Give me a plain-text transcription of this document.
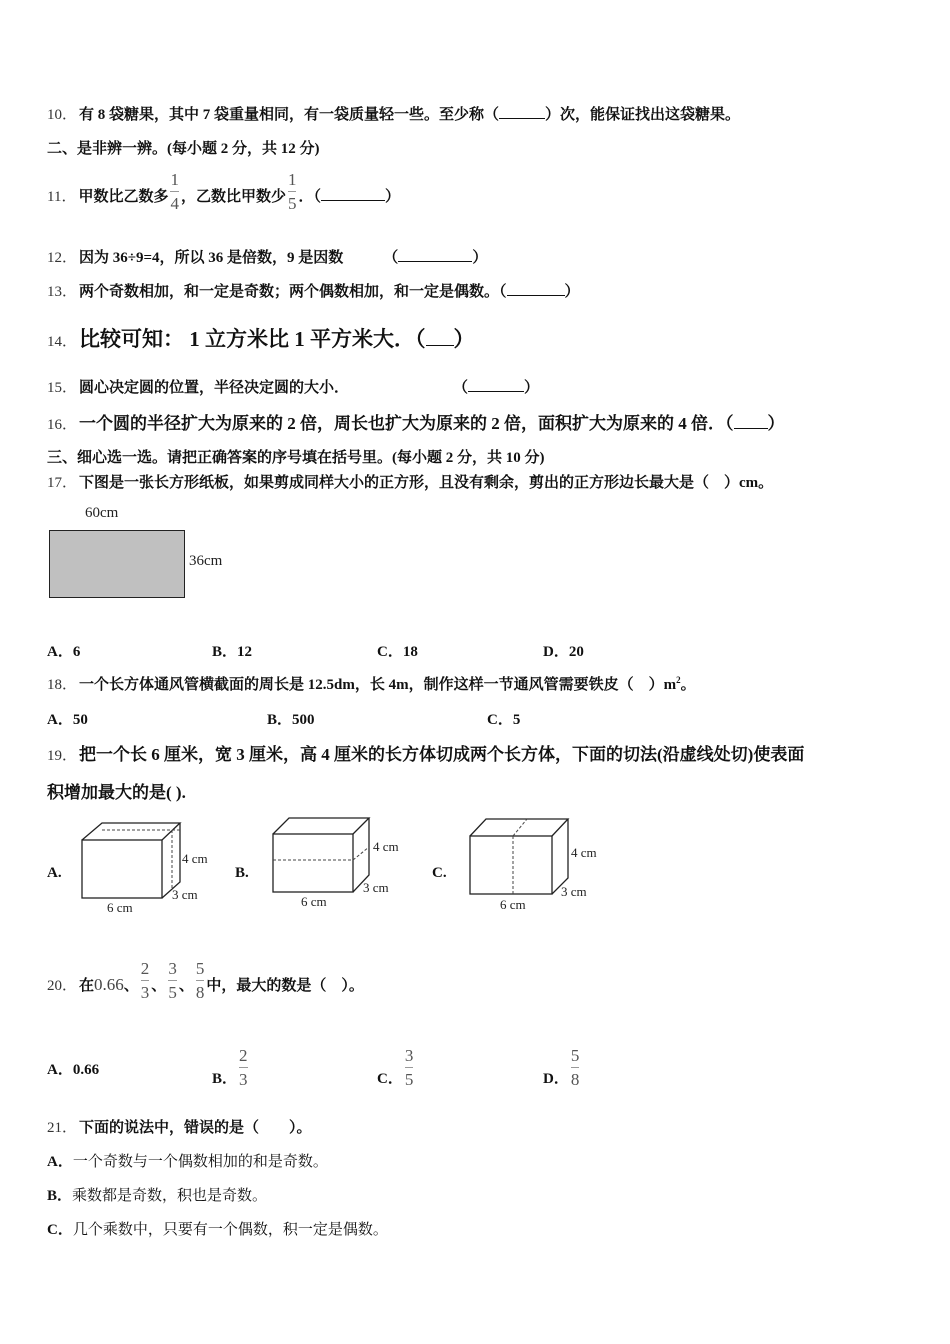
10． 有 8 袋糖果，其中 7 袋重量相同，有一袋质量轻一些。至少称（	）次，能保证找出这袋糖果。
二、是非辨一辨。(每小题 2 分，共 12 分)
11． 甲数比乙数多 $\frac{1}{4}$ ，乙数比甲数少 $\frac{1}{5}$ ．（	）
12． 因为 36÷9=4，所以 36 是倍数，9 是因数	（	）
13． 两个奇数相加，和一定是奇数；两个偶数相加，和一定是偶数。（	）
14．比较可知： 1 立方米比 1 平方米大．（ ）
15． 圆心决定圆的位置，半径决定圆的大小．	（	）
16． 一个圆的半径扩大为原来的 2 倍，周长也扩大为原来的 2 倍，面积扩大为原来的 4 倍．（ ）
三、细心选一选。请把正确答案的序号填在括号里。(每小题 2 分，共 10 分)
17． 下图是一张长方形纸板，如果剪成同样大小的正方形，且没有剩余，剪出的正方形边长最大是（　）cm。
60cm
36cm
A．6	B．12	C．18	D．20
18． 一个长方体通风管横截面的周长是 12.5dm，长 4m，制作这样一节通风管需要铁皮（　）$m^2$。
A．50	B．500	C．5
19． 把一个长 6 厘米，宽 3 厘米，高 4 厘米的长方体切成两个长方体，下面的切法(沿虚线处切)使表面
积增加最大的是( ).
A.
4 cm
3 cm
6 cm
B.
4 cm
3 cm
6 cm
C.
4 cm
3 cm
6 cm
20． 在0.66、 $\frac{2}{3}$ 、 $\frac{3}{5}$ 、 $\frac{5}{8}$ 中，最大的数是（　）。
A．0.66
B． $\frac{2}{3}$	C． $\frac{3}{5}$	D． $\frac{5}{8}$
21． 下面的说法中，错误的是（　　）。
A．一个奇数与一个偶数相加的和是奇数。
B．乘数都是奇数，积也是奇数。
C．几个乘数中，只要有一个偶数，积一定是偶数。
